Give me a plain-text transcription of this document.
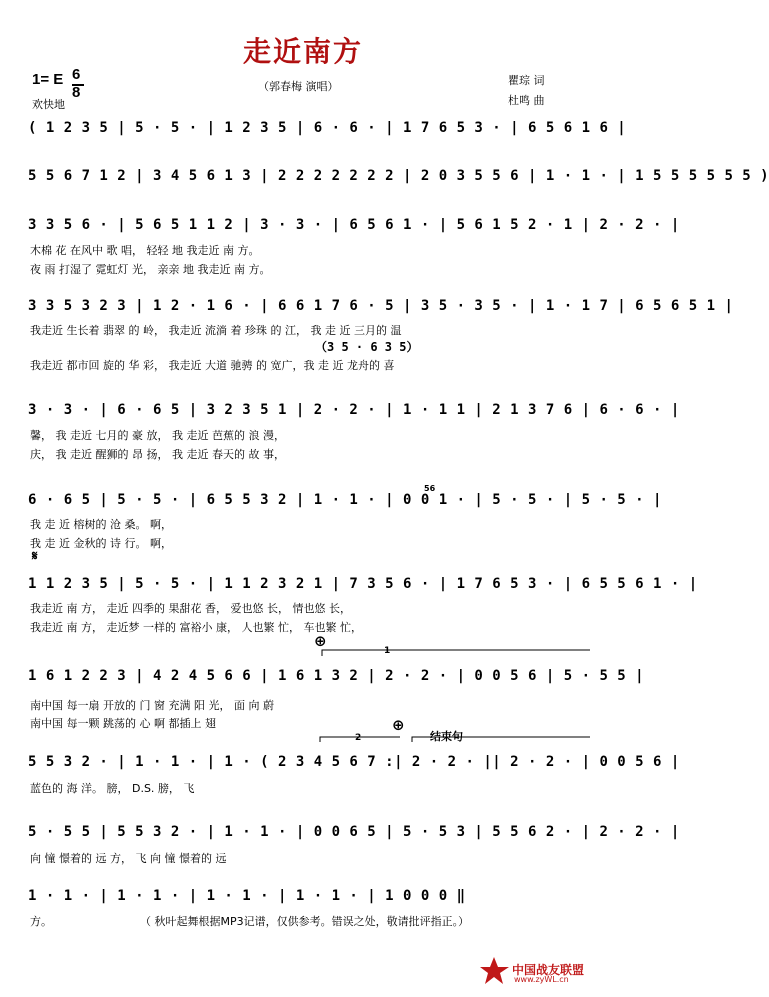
走近南方
1= E 6
8	（郭春梅 演唱）
欢快地
瞿琮 词
杜鸣 曲
( 1 2 3 5 | 5 · 5 · | 1 2 3 5 | 6 · 6 · | 1 7 6 5 3 · | 6 5 6 1 6 |
5 5 6 7 1 2 | 3 4 5 6 1 3 | 2 2 2 2 2 2 2 | 2 0 3 5 5 6 | 1 · 1 · | 1 5 5 5 5 5 5 )
3 3 5 6 · | 5 6 5 1 1 2 | 3 · 3 · | 6 5 6 1 · | 5 6 1 5 2 · 1 | 2 · 2 · |
木棉 花 在风中 歌 唱， 轻轻 地 我走近 南 方。
夜 雨 打湿了 霓虹灯 光， 亲亲 地 我走近 南 方。
3 3 5 3 2 3 | 1 2 · 1 6 · | 6 6 1 7 6 · 5 | 3 5 · 3 5 · | 1 · 1 7 | 6 5 6 5 1 |
我走近 生长着 翡翠 的 岭， 我走近 流淌 着 珍珠 的 江， 我 走 近 三月的 温
（3 5 · 6 3 5）
我走近 都市回 旋的 华 彩， 我走近 大道 驰骋 的 宽广，我 走 近 龙舟的 喜
3 · 3 · | 6 · 6 5 | 3 2 3 5 1 | 2 · 2 · | 1 · 1 1 | 2 1 3 7 6 | 6 · 6 · |
馨， 我 走近 七月的 豪 放， 我 走近 芭蕉的 浪 漫，
庆， 我 走近 醒狮的 昂 扬， 我 走近 春天的 故 事，
56
6 · 6 5 | 5 · 5 · | 6 5 5 3 2 | 1 · 1 · | 0 0 1 · | 5 · 5 · | 5 · 5 · |
我 走 近 榕树的 沧 桑。 啊，
我 走 近 金秋的 诗 行。 啊，
𝄋
1 1 2 3 5 | 5 · 5 · | 1 1 2 3 2 1 | 7 3 5 6 · | 1 7 6 5 3 · | 6 5 5 6 1 · |
我走近 南 方， 走近 四季的 果甜花 香， 爱也悠 长， 情也悠 长，
我走近 南 方， 走近梦 一样的 富裕小 康， 人也繁 忙， 车也繁 忙，
⊕
1
1 6 1 2 2 3 | 4 2 4 5 6 6 | 1 6 1 3 2 | 2 · 2 · | 0 0 5 6 | 5 · 5 5 |
南中国 每一扇 开放的 门 窗 充满 阳 光， 面 向 蔚
南中国 每一颗 跳荡的 心 啊 都插上 翅	⊕
2	结束句
5 5 3 2 · | 1 · 1 · | 1 · ( 2 3 4 5 6 7 :| 2 · 2 · || 2 · 2 · | 0 0 5 6 |
蓝色的 海 洋。 膀， D.S. 膀， 飞
5 · 5 5 | 5 5 3 2 · | 1 · 1 · | 0 0 6 5 | 5 · 5 3 | 5 5 6 2 · | 2 · 2 · |
向 憧 憬着的 远 方， 飞 向 憧 憬着的 远
1 · 1 · | 1 · 1 · | 1 · 1 · | 1 · 1 · | 1 0 0 0 ‖
方。	（ 秋叶起舞根据MP3记谱，仅供参考。错误之处，敬请批评指正。）
中国战友联盟
www.zyWL.cn
